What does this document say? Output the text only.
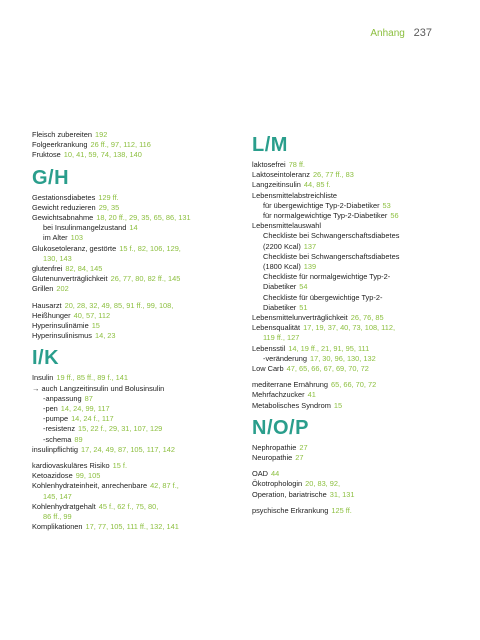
Anhang 237
Fleisch zubereiten 192
Folgeerkrankung 26 ff., 97, 112, 116
Fruktose 10, 41, 59, 74, 138, 140
G/H
Gestationsdiabetes 129 ff.
Gewicht reduzieren 29, 35
Gewichtsabnahme 18, 20 ff., 29, 35, 65, 86, 131
bei Insulinmangelzustand 14
im Alter 103
Glukosetoleranz, gestörte 15 f., 82, 106, 129,
130, 143
glutenfrei 82, 84, 145
Glutenunverträglichkeit 26, 77, 80, 82 ff., 145
Grillen 202
Hausarzt 20, 28, 32, 49, 85, 91 ff., 99, 108,
Heißhunger 40, 57, 112
Hyperinsulinämie 15
Hyperinsulinismus 14, 23
I/K
Insulin 19 ff., 85 ff., 89 f., 141
→ auch Langzeitinsulin und Bolusinsulin
-anpassung 87
-pen 14, 24, 99, 117
-pumpe 14, 24 f., 117
-resistenz 15, 22 f., 29, 31, 107, 129
-schema 89
insulinpflichtig 17, 24, 49, 87, 105, 117, 142
kardiovaskuläres Risiko 15 f.
Ketoazidose 99, 105
Kohlenhydrateinheit, anrechenbare 42, 87 f.,
145, 147
Kohlenhydratgehalt 45 f., 62 f., 75, 80,
86 ff., 99
Komplikationen 17, 77, 105, 111 ff., 132, 141
L/M
laktosefrei 78 ff.
Laktoseintoleranz 26, 77 ff., 83
Langzeitinsulin 44, 85 f.
Lebensmittelabstreichliste
für übergewichtige Typ-2-Diabetiker 53
für normalgewichtige Typ-2-Diabetiker 56
Lebensmittelauswahl
Checkliste bei Schwangerschaftsdiabetes
(2200 Kcal) 137
Checkliste bei Schwangerschaftsdiabetes
(1800 Kcal) 139
Checkliste für normalgewichtige Typ-2-
Diabetiker 54
Checkliste für übergewichtige Typ-2-
Diabetiker 51
Lebensmittelunverträglichkeit 26, 76, 85
Lebensqualität 17, 19, 37, 40, 73, 108, 112,
119 ff., 127
Lebensstil 14, 19 ff., 21, 91, 95, 111
-veränderung 17, 30, 96, 130, 132
Low Carb 47, 65, 66, 67, 69, 70, 72
mediterrane Ernährung 65, 66, 70, 72
Mehrfachzucker 41
Metabolisches Syndrom 15
N/O/P
Nephropathie 27
Neuropathie 27
OAD 44
Ökotrophologin 20, 83, 92,
Operation, bariatrische 31, 131
psychische Erkrankung 125 ff.
